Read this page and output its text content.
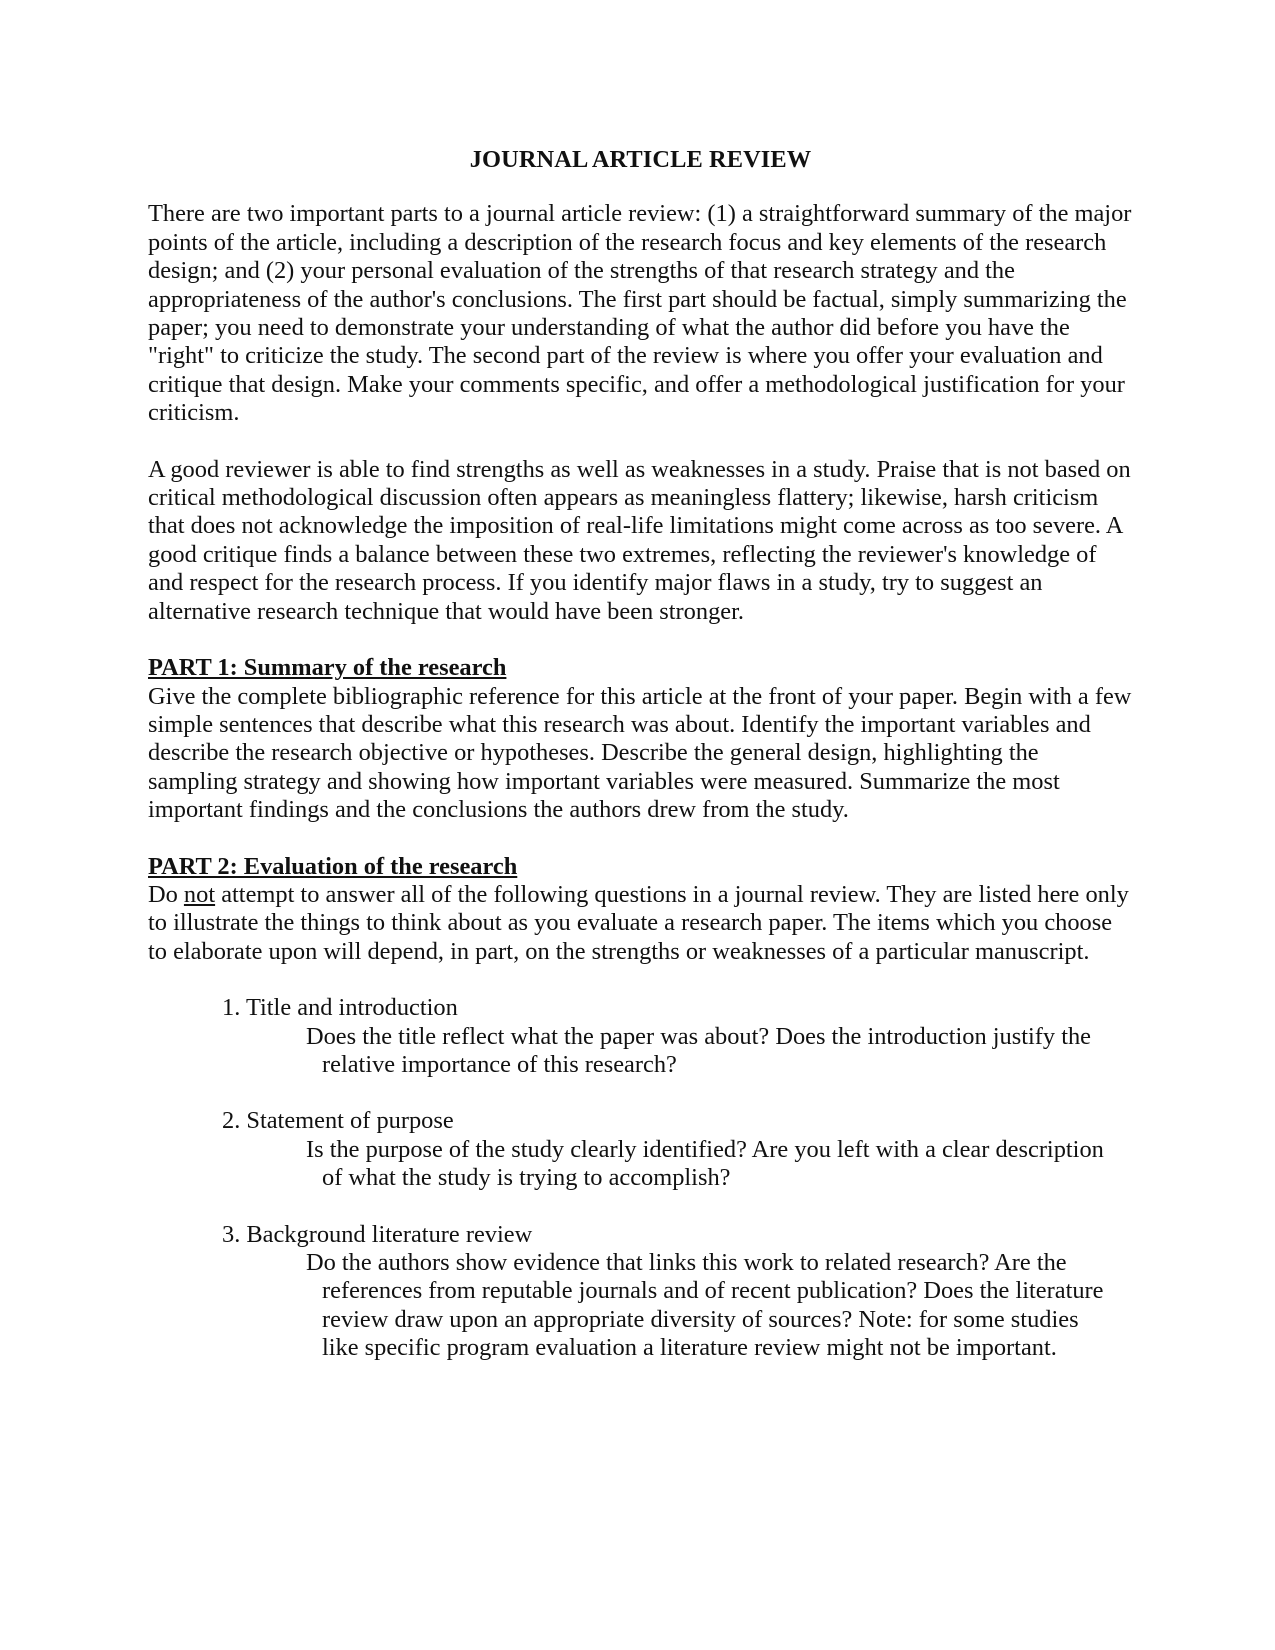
JOURNAL ARTICLE REVIEW

There are two important parts to a journal article review: (1) a straightforward summary of the major points of the article, including a description of the research focus and key elements of the research design; and (2) your personal evaluation of the strengths of that research strategy and the appropriateness of the author's conclusions. The first part should be factual, simply summarizing the paper; you need to demonstrate your understanding of what the author did before you have the "right" to criticize the study. The second part of the review is where you offer your evaluation and critique that design. Make your comments specific, and offer a methodological justification for your criticism.

A good reviewer is able to find strengths as well as weaknesses in a study. Praise that is not based on critical methodological discussion often appears as meaningless flattery; likewise, harsh criticism that does not acknowledge the imposition of real-life limitations might come across as too severe. A good critique finds a balance between these two extremes, reflecting the reviewer's knowledge of and respect for the research process. If you identify major flaws in a study, try to suggest an alternative research technique that would have been stronger.

PART 1: Summary of the research

Give the complete bibliographic reference for this article at the front of your paper. Begin with a few simple sentences that describe what this research was about. Identify the important variables and describe the research objective or hypotheses. Describe the general design, highlighting the sampling strategy and showing how important variables were measured. Summarize the most important findings and the conclusions the authors drew from the study.

PART 2: Evaluation of the research

Do not attempt to answer all of the following questions in a journal review. They are listed here only to illustrate the things to think about as you evaluate a research paper. The items which you choose to elaborate upon will depend, in part, on the strengths or weaknesses of a particular manuscript.

1. Title and introduction
Does the title reflect what the paper was about? Does the introduction justify the relative importance of this research?
2. Statement of purpose
Is the purpose of the study clearly identified? Are you left with a clear description of what the study is trying to accomplish?
3. Background literature review
Do the authors show evidence that links this work to related research? Are the references from reputable journals and of recent publication? Does the literature review draw upon an appropriate diversity of sources? Note: for some studies like specific program evaluation a literature review might not be important.
